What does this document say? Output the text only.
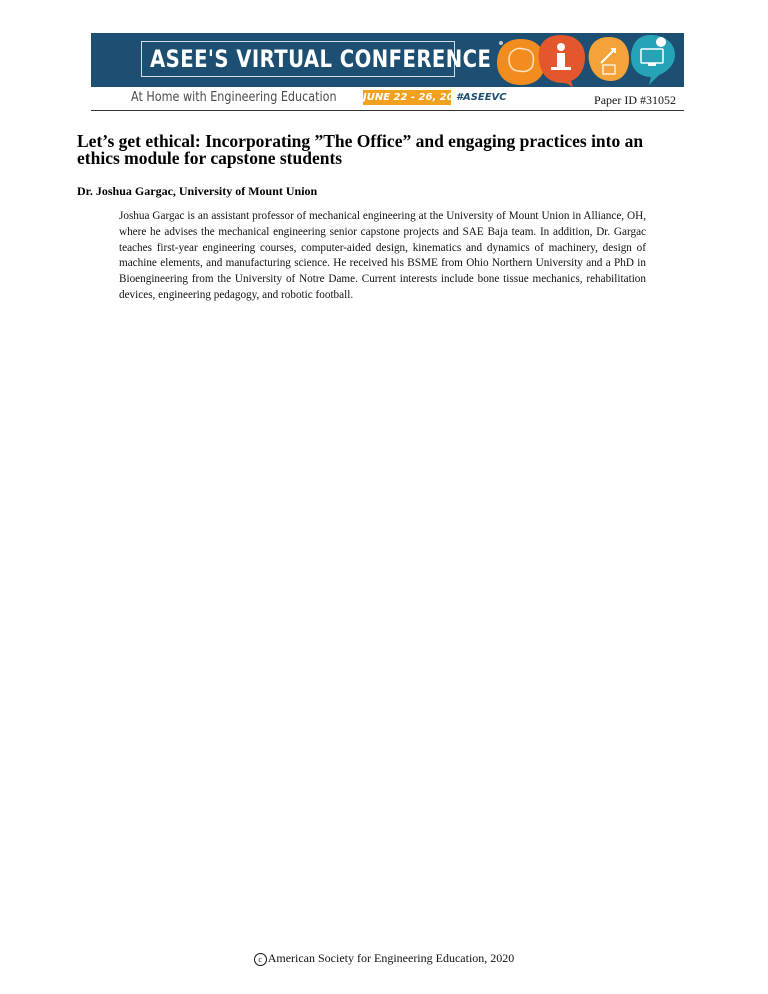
ASEE'S VIRTUAL CONFERENCE
At Home with Engineering Education	JUNE 22 - 26, 2020
#ASEEVC	Paper ID #31052
Let’s get ethical: Incorporating ”The Office” and engaging practices into an ethics module for capstone students

Dr. Joshua Gargac, University of Mount Union

Joshua Gargac is an assistant professor of mechanical engineering at the University of Mount Union in Alliance, OH, where he advises the mechanical engineering senior capstone projects and SAE Baja team. In addition, Dr. Gargac teaches first-year engineering courses, computer-aided design, kinematics and dynamics of machinery, design of machine elements, and manufacturing science. He received his BSME from Ohio Northern University and a PhD in Bioengineering from the University of Notre Dame. Current interests include bone tissue mechanics, rehabilitation devices, engineering pedagogy, and robotic football.

c American Society for Engineering Education, 2020
